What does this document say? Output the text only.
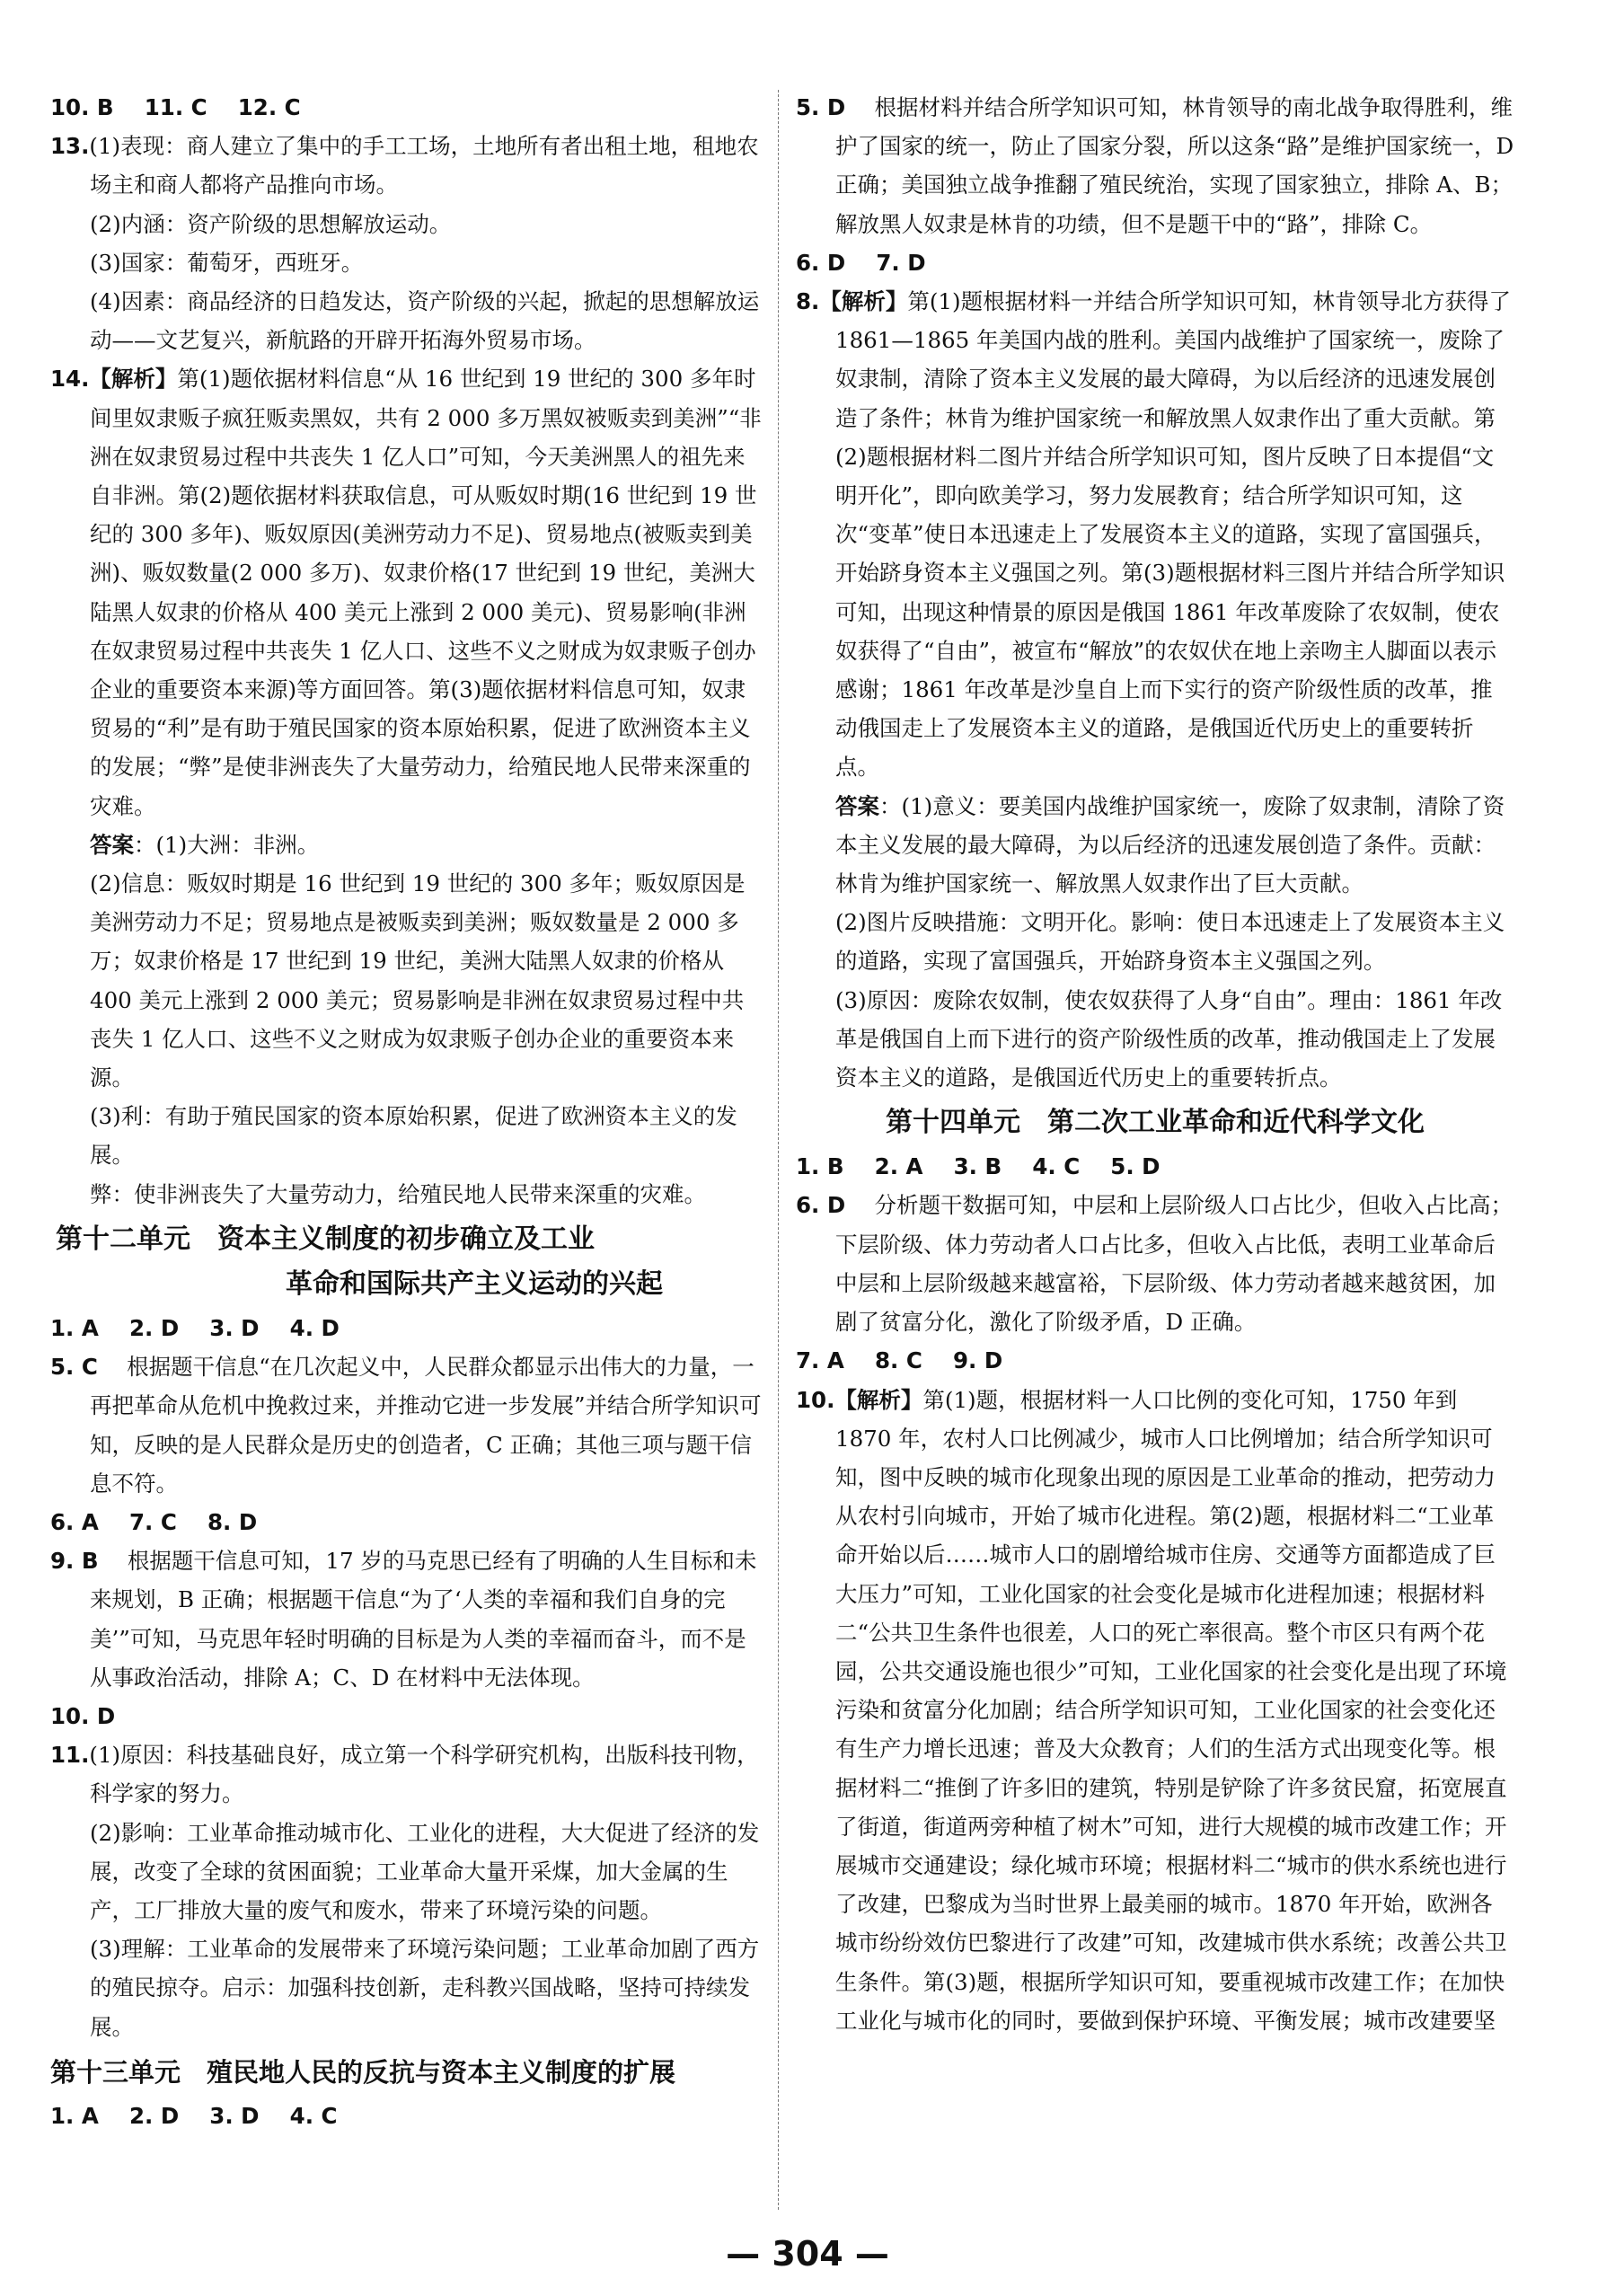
10. B    11. C    12. C

13.(1)表现：商人建立了集中的手工工场，土地所有者出租土地，租地农场主和商人都将产品推向市场。

(2)内涵：资产阶级的思想解放运动。

(3)国家：葡萄牙，西班牙。

(4)因素：商品经济的日趋发达，资产阶级的兴起，掀起的思想解放运动——文艺复兴，新航路的开辟开拓海外贸易市场。

14.【解析】第(1)题依据材料信息“从 16 世纪到 19 世纪的 300 多年时间里奴隶贩子疯狂贩卖黑奴，共有 2 000 多万黑奴被贩卖到美洲”“非洲在奴隶贸易过程中共丧失 1 亿人口”可知，今天美洲黑人的祖先来自非洲。第(2)题依据材料获取信息，可从贩奴时期(16 世纪到 19 世纪的 300 多年)、贩奴原因(美洲劳动力不足)、贸易地点(被贩卖到美洲)、贩奴数量(2 000 多万)、奴隶价格(17 世纪到 19 世纪，美洲大陆黑人奴隶的价格从 400 美元上涨到 2 000 美元)、贸易影响(非洲在奴隶贸易过程中共丧失 1 亿人口、这些不义之财成为奴隶贩子创办企业的重要资本来源)等方面回答。第(3)题依据材料信息可知，奴隶贸易的“利”是有助于殖民国家的资本原始积累，促进了欧洲资本主义的发展；“弊”是使非洲丧失了大量劳动力，给殖民地人民带来深重的灾难。

答案：(1)大洲：非洲。

(2)信息：贩奴时期是 16 世纪到 19 世纪的 300 多年；贩奴原因是美洲劳动力不足；贸易地点是被贩卖到美洲；贩奴数量是 2 000 多万；奴隶价格是 17 世纪到 19 世纪，美洲大陆黑人奴隶的价格从 400 美元上涨到 2 000 美元；贸易影响是非洲在奴隶贸易过程中共丧失 1 亿人口、这些不义之财成为奴隶贩子创办企业的重要资本来源。

(3)利：有助于殖民国家的资本原始积累，促进了欧洲资本主义的发展。

弊：使非洲丧失了大量劳动力，给殖民地人民带来深重的灾难。

第十二单元　资本主义制度的初步确立及工业
革命和国际共产主义运动的兴起

1. A    2. D    3. D    4. D

5. C　 根据题干信息“在几次起义中，人民群众都显示出伟大的力量，一再把革命从危机中挽救过来，并推动它进一步发展”并结合所学知识可知，反映的是人民群众是历史的创造者，C 正确；其他三项与题干信息不符。

6. A    7. C    8. D

9. B　 根据题干信息可知，17 岁的马克思已经有了明确的人生目标和未来规划，B 正确；根据题干信息“为了‘人类的幸福和我们自身的完美’”可知，马克思年轻时明确的目标是为人类的幸福而奋斗，而不是从事政治活动，排除 A；C、D 在材料中无法体现。

10. D

11.(1)原因：科技基础良好，成立第一个科学研究机构，出版科技刊物，科学家的努力。

(2)影响：工业革命推动城市化、工业化的进程，大大促进了经济的发展，改变了全球的贫困面貌；工业革命大量开采煤，加大金属的生产，工厂排放大量的废气和废水，带来了环境污染的问题。

(3)理解：工业革命的发展带来了环境污染问题；工业革命加剧了西方的殖民掠夺。启示：加强科技创新，走科教兴国战略，坚持可持续发展。

第十三单元　殖民地人民的反抗与资本主义制度的扩展

1. A    2. D    3. D    4. C

5. D　 根据材料并结合所学知识可知，林肯领导的南北战争取得胜利，维护了国家的统一，防止了国家分裂，所以这条“路”是维护国家统一，D 正确；美国独立战争推翻了殖民统治，实现了国家独立，排除 A、B；解放黑人奴隶是林肯的功绩，但不是题干中的“路”，排除 C。

6. D    7. D

8.【解析】第(1)题根据材料一并结合所学知识可知，林肯领导北方获得了 1861—1865 年美国内战的胜利。美国内战维护了国家统一，废除了奴隶制，清除了资本主义发展的最大障碍，为以后经济的迅速发展创造了条件；林肯为维护国家统一和解放黑人奴隶作出了重大贡献。第(2)题根据材料二图片并结合所学知识可知，图片反映了日本提倡“文明开化”，即向欧美学习，努力发展教育；结合所学知识可知，这次“变革”使日本迅速走上了发展资本主义的道路，实现了富国强兵，开始跻身资本主义强国之列。第(3)题根据材料三图片并结合所学知识可知，出现这种情景的原因是俄国 1861 年改革废除了农奴制，使农奴获得了“自由”，被宣布“解放”的农奴伏在地上亲吻主人脚面以表示感谢；1861 年改革是沙皇自上而下实行的资产阶级性质的改革，推动俄国走上了发展资本主义的道路，是俄国近代历史上的重要转折点。

答案：(1)意义：要美国内战维护国家统一，废除了奴隶制，清除了资本主义发展的最大障碍，为以后经济的迅速发展创造了条件。贡献：林肯为维护国家统一、解放黑人奴隶作出了巨大贡献。

(2)图片反映措施：文明开化。影响：使日本迅速走上了发展资本主义的道路，实现了富国强兵，开始跻身资本主义强国之列。

(3)原因：废除农奴制，使农奴获得了人身“自由”。理由：1861 年改革是俄国自上而下进行的资产阶级性质的改革，推动俄国走上了发展资本主义的道路，是俄国近代历史上的重要转折点。

第十四单元　第二次工业革命和近代科学文化

1. B    2. A    3. B    4. C    5. D

6. D　 分析题干数据可知，中层和上层阶级人口占比少，但收入占比高；下层阶级、体力劳动者人口占比多，但收入占比低，表明工业革命后中层和上层阶级越来越富裕，下层阶级、体力劳动者越来越贫困，加剧了贫富分化，激化了阶级矛盾，D 正确。

7. A    8. C    9. D

10.【解析】第(1)题，根据材料一人口比例的变化可知，1750 年到 1870 年，农村人口比例减少，城市人口比例增加；结合所学知识可知，图中反映的城市化现象出现的原因是工业革命的推动，把劳动力从农村引向城市，开始了城市化进程。第(2)题，根据材料二“工业革命开始以后……城市人口的剧增给城市住房、交通等方面都造成了巨大压力”可知，工业化国家的社会变化是城市化进程加速；根据材料二“公共卫生条件也很差，人口的死亡率很高。整个市区只有两个花园，公共交通设施也很少”可知，工业化国家的社会变化是出现了环境污染和贫富分化加剧；结合所学知识可知，工业化国家的社会变化还有生产力增长迅速；普及大众教育；人们的生活方式出现变化等。根据材料二“推倒了许多旧的建筑，特别是铲除了许多贫民窟，拓宽展直了街道，街道两旁种植了树木”可知，进行大规模的城市改建工作；开展城市交通建设；绿化城市环境；根据材料二“城市的供水系统也进行了改建，巴黎成为当时世界上最美丽的城市。1870 年开始，欧洲各城市纷纷效仿巴黎进行了改建”可知，改建城市供水系统；改善公共卫生条件。第(3)题，根据所学知识可知，要重视城市改建工作；在加快工业化与城市化的同时，要做到保护环境、平衡发展；城市改建要坚

— 304 —
